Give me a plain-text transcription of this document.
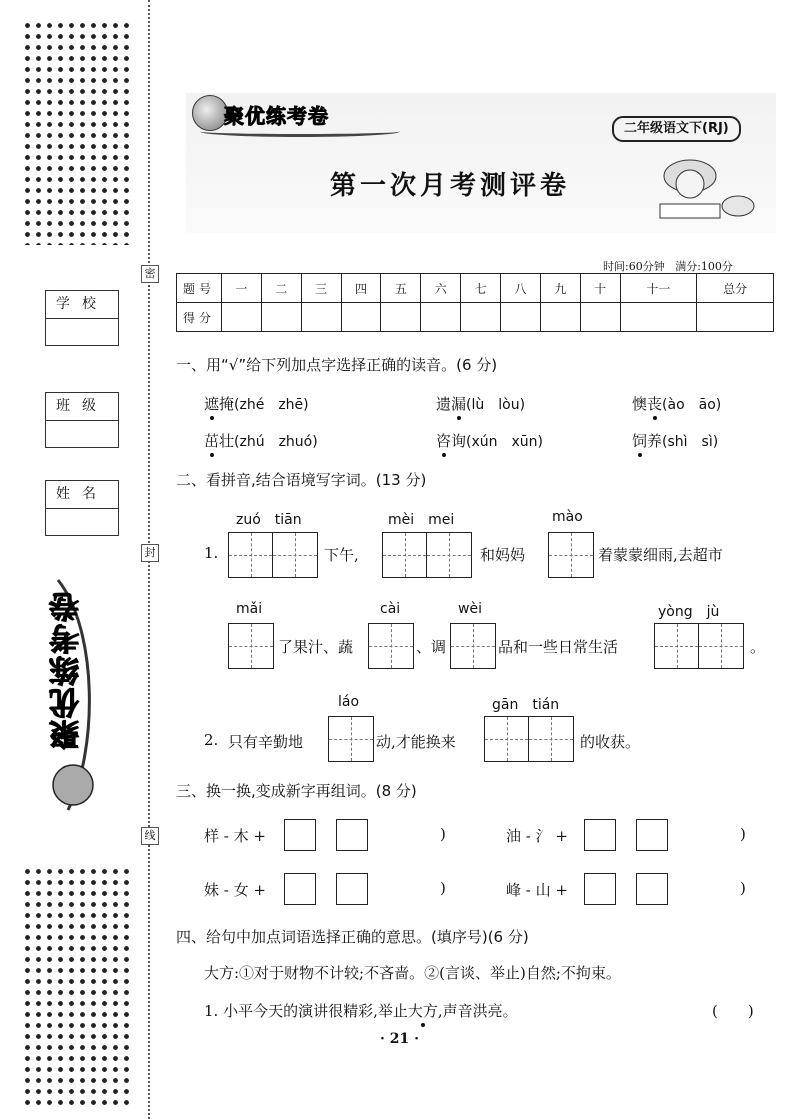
密
封
线
学校
班级
姓名
聚优练考卷
聚优练考卷
二年级语文下(RJ)
第一次月考测评卷
时间:60分钟 满分:100分
题号	一	二	三	四	五	六	七	八	九	十	十一	总分
得分												
一、用“√”给下列加点字选择正确的读音。(6 分)
遮掩(zhé　zhē)	遗漏(lù　lòu)	懊丧(ào　āo)
茁壮(zhú　zhuó)	咨询(xún　xūn)	饲养(shì　sì)
二、看拼音,结合语境写字词。(13 分)
1.
zuó　tiān
下午,
mèi　mei
和妈妈
mào
着蒙蒙细雨,去超市
mǎi
了果汁、蔬
cài
、调
wèi
品和一些日常生活
yòng　jù
。
2. 只有辛勤地
láo
动,才能换来
gān　tián
的收获。
三、换一换,变成新字再组词。(8 分)
样 - 木 +	)	油 - 氵 +	)
妹 - 女 +	)	峰 - 山 +	)
四、给句中加点词语选择正确的意思。(填序号)(6 分)
大方:①对于财物不计较;不吝啬。②(言谈、举止)自然;不拘束。
1. 小平今天的演讲很精彩,举止大方,声音洪亮。	(　　)
· 21 ·
